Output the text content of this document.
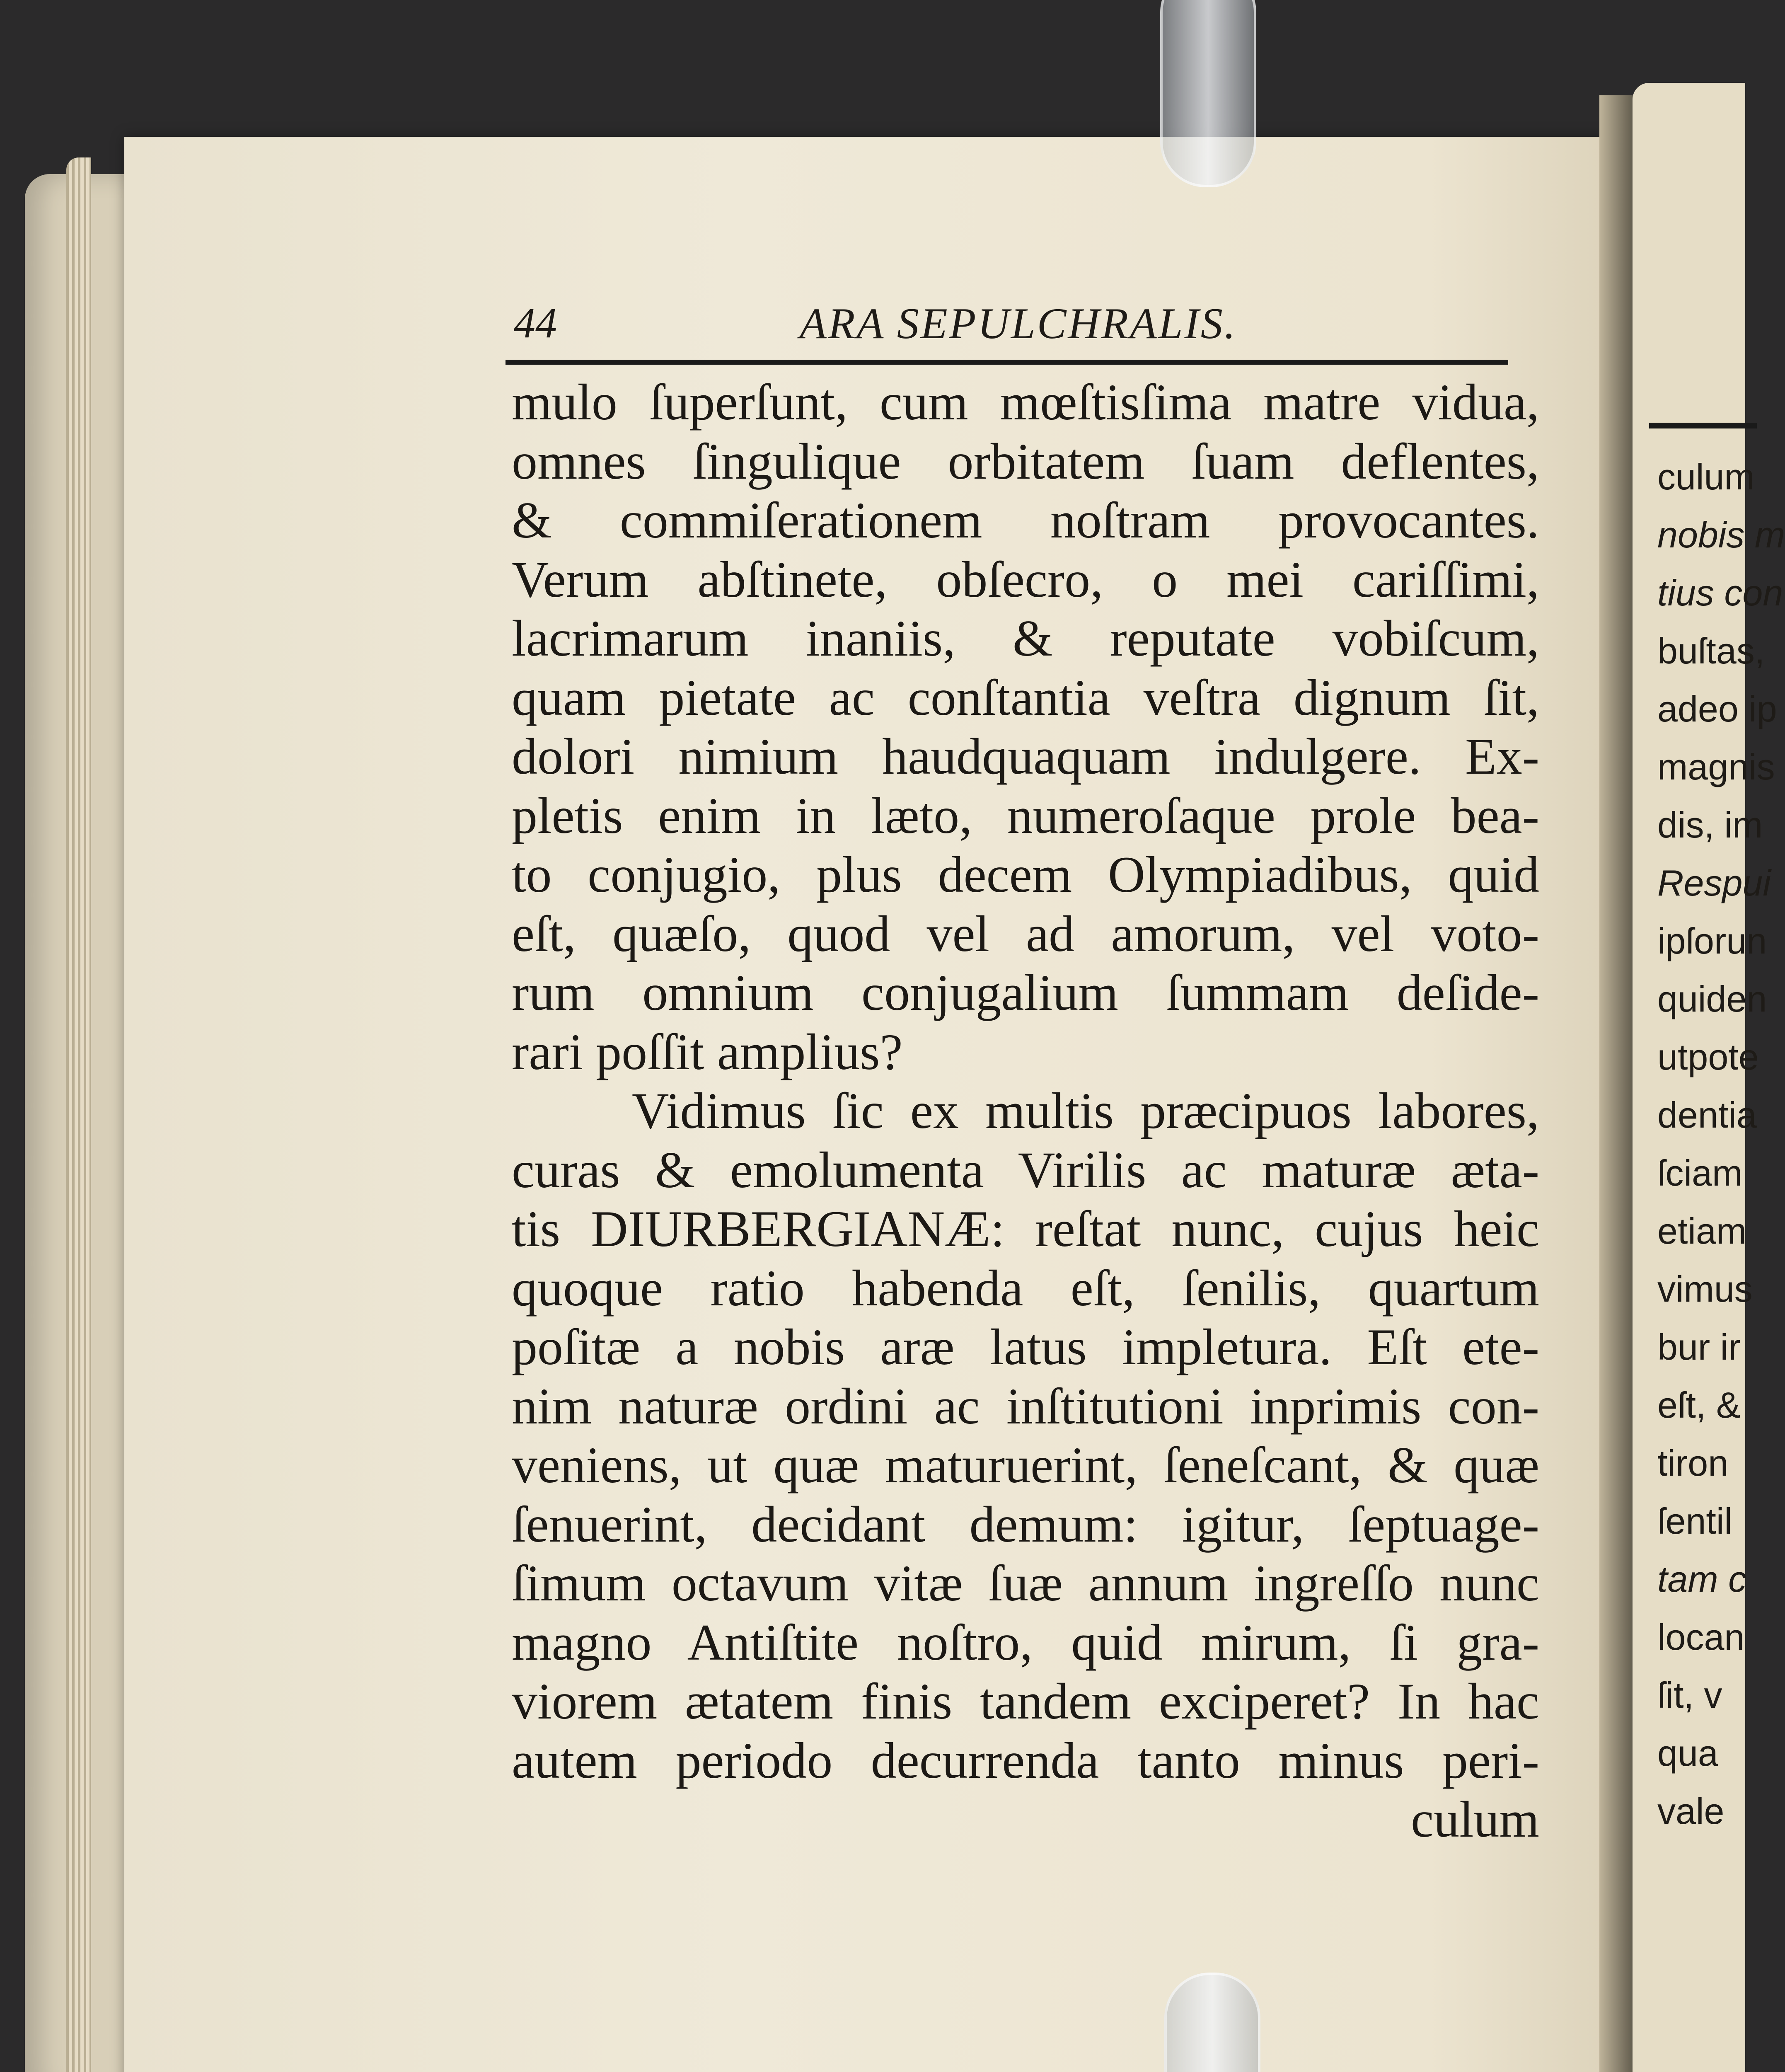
44	ARA SEPULCHRALIS.
mulo ſuperſunt, cum mœſtisſima matre vidua,
omnes ſingulique orbitatem ſuam deflentes,
& commiſerationem noſtram provocantes.
Verum abſtinete, obſecro, o mei cariſſimi,
lacrimarum inaniis, & reputate vobiſcum,
quam pietate ac conſtantia veſtra dignum ſit,
dolori nimium haudquaquam indulgere. Ex-
pletis enim in læto, numeroſaque prole bea-
to conjugio, plus decem Olympiadibus, quid
eſt, quæſo, quod vel ad amorum, vel voto-
rum omnium conjugalium ſummam deſide-
rari poſſit amplius?
Vidimus ſic ex multis præcipuos labores,
curas & emolumenta Virilis ac maturæ æta-
tis DIURBERGIANÆ: reſtat nunc, cujus heic
quoque ratio habenda eſt, ſenilis, quartum
poſitæ a nobis aræ latus impletura. Eſt ete-
nim naturæ ordini ac inſtitutioni inprimis con-
veniens, ut quæ maturuerint, ſeneſcant, & quæ
ſenuerint, decidant demum: igitur, ſeptuage-
ſimum octavum vitæ ſuæ annum ingreſſo nunc
magno Antiſtite noſtro, quid mirum, ſi gra-
viorem ætatem finis tandem exciperet? In hac
autem periodo decurrenda tanto minus peri-
culum
culum
nobis m
tius con
buſtas,
adeo ip
magnis
dis, im
Respui
ipſorun
quiden
utpote
dentia
ſciam
etiam
vimus
bur ir
eſt, &
tiron
ſentil
tam c
locan
ſit, v
qua
vale
